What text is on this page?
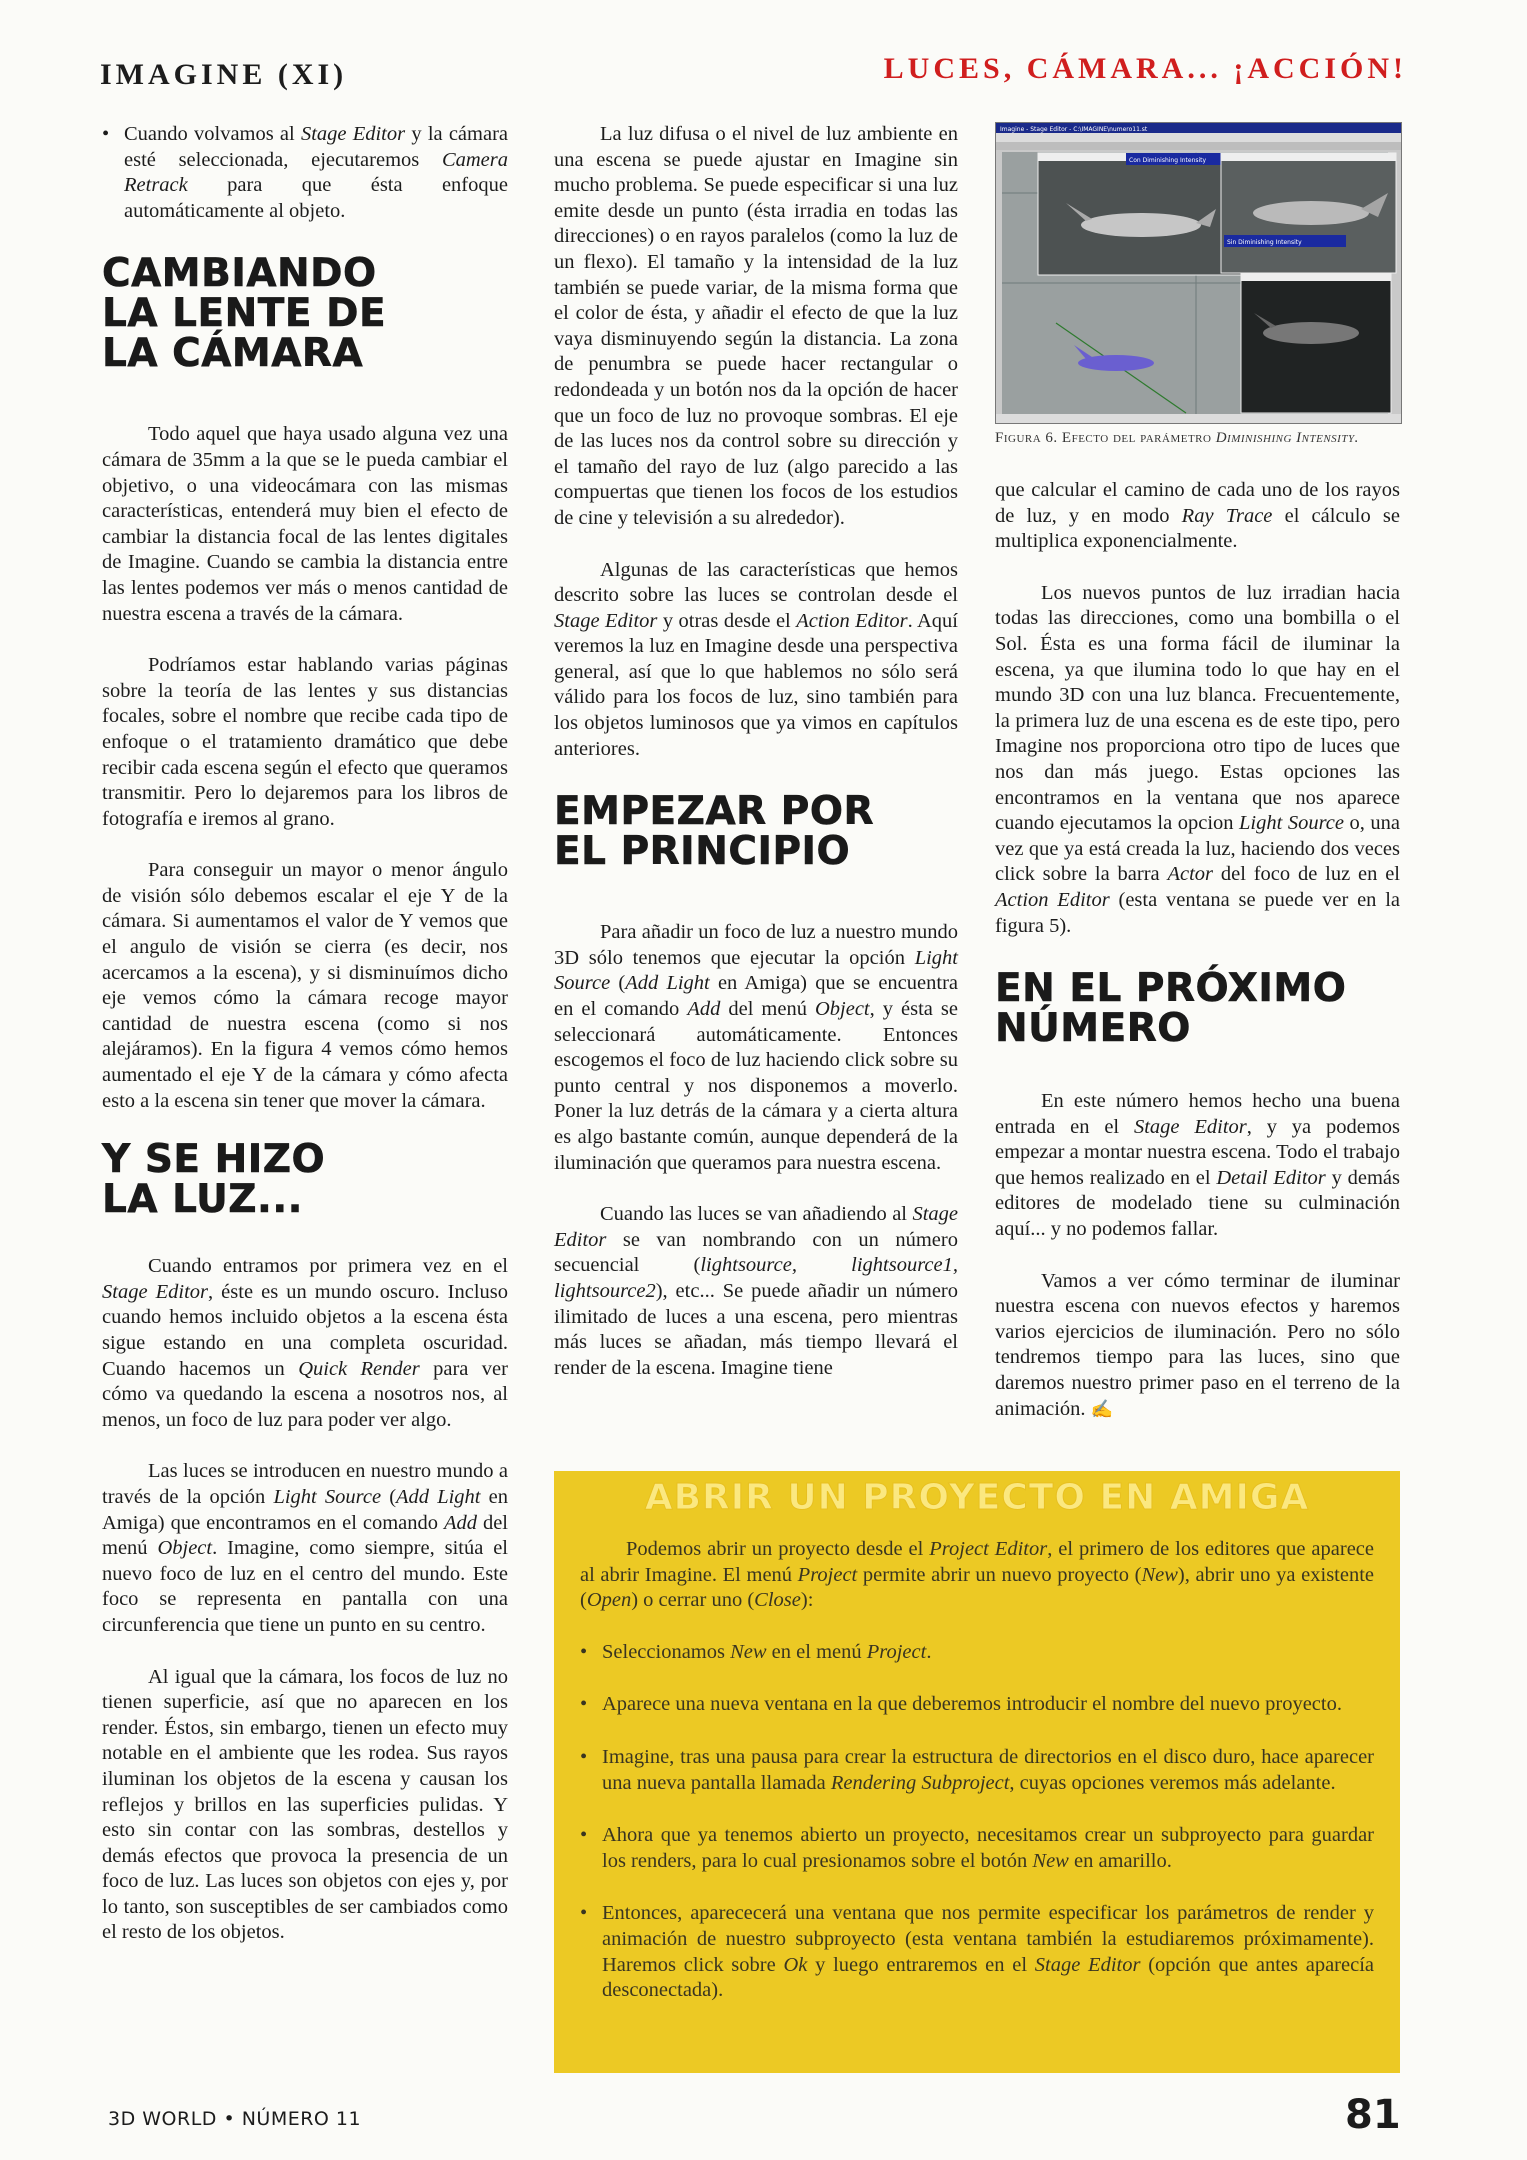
IMAGINE (XI)	LUCES, CÁMARA... ¡ACCIÓN!
• Cuando volvamos al Stage Editor y la cámara esté seleccionada, ejecutaremos Camera Retrack para que ésta enfoque automáticamente al objeto.
CAMBIANDO LA LENTE DE LA CÁMARA

Todo aquel que haya usado alguna vez una cámara de 35mm a la que se le pueda cambiar el objetivo, o una videocámara con las mismas características, entenderá muy bien el efecto de cambiar la distancia focal de las lentes digitales de Imagine. Cuando se cambia la distancia entre las lentes podemos ver más o menos cantidad de nuestra escena a través de la cámara.

Podríamos estar hablando varias páginas sobre la teoría de las lentes y sus distancias focales, sobre el nombre que recibe cada tipo de enfoque o el tratamiento dramático que debe recibir cada escena según el efecto que queramos transmitir. Pero lo dejaremos para los libros de fotografía e iremos al grano.

Para conseguir un mayor o menor ángulo de visión sólo debemos escalar el eje Y de la cámara. Si aumentamos el valor de Y vemos que el angulo de visión se cierra (es decir, nos acercamos a la escena), y si disminuímos dicho eje vemos cómo la cámara recoge mayor cantidad de nuestra escena (como si nos alejáramos). En la figura 4 vemos cómo hemos aumentado el eje Y de la cámara y cómo afecta esto a la escena sin tener que mover la cámara.

Y SE HIZO LA LUZ...

Cuando entramos por primera vez en el Stage Editor, éste es un mundo oscuro. Incluso cuando hemos incluido objetos a la escena ésta sigue estando en una completa oscuridad. Cuando hacemos un Quick Render para ver cómo va quedando la escena a nosotros nos, al menos, un foco de luz para poder ver algo.

Las luces se introducen en nuestro mundo a través de la opción Light Source (Add Light en Amiga) que encontramos en el comando Add del menú Object. Imagine, como siempre, sitúa el nuevo foco de luz en el centro del mundo. Este foco se representa en pantalla con una circunferencia que tiene un punto en su centro.

Al igual que la cámara, los focos de luz no tienen superficie, así que no aparecen en los render. Éstos, sin embargo, tienen un efecto muy notable en el ambiente que les rodea. Sus rayos iluminan los objetos de la escena y causan los reflejos y brillos en las superficies pulidas. Y esto sin contar con las sombras, destellos y demás efectos que provoca la presencia de un foco de luz. Las luces son objetos con ejes y, por lo tanto, son susceptibles de ser cambiados como el resto de los objetos.

La luz difusa o el nivel de luz ambiente en una escena se puede ajustar en Imagine sin mucho problema. Se puede especificar si una luz emite desde un punto (ésta irradia en todas las direcciones) o en rayos paralelos (como la luz de un flexo). El tamaño y la intensidad de la luz también se puede variar, de la misma forma que el color de ésta, y añadir el efecto de que la luz vaya disminuyendo según la distancia. La zona de penumbra se puede hacer rectangular o redondeada y un botón nos da la opción de hacer que un foco de luz no provoque sombras. El eje de las luces nos da control sobre su dirección y el tamaño del rayo de luz (algo parecido a las compuertas que tienen los focos de los estudios de cine y televisión a su alrededor).

Algunas de las características que hemos descrito sobre las luces se controlan desde el Stage Editor y otras desde el Action Editor. Aquí veremos la luz en Imagine desde una perspectiva general, así que lo que hablemos no sólo será válido para los focos de luz, sino también para los objetos luminosos que ya vimos en capítulos anteriores.

EMPEZAR POR EL PRINCIPIO

Para añadir un foco de luz a nuestro mundo 3D sólo tenemos que ejecutar la opción Light Source (Add Light en Amiga) que se encuentra en el comando Add del menú Object, y ésta se seleccionará automáticamente. Entonces escogemos el foco de luz haciendo click sobre su punto central y nos disponemos a moverlo. Poner la luz detrás de la cámara y a cierta altura es algo bastante común, aunque dependerá de la iluminación que queramos para nuestra escena.

Cuando las luces se van añadiendo al Stage Editor se van nombrando con un número secuencial (lightsource, lightsource1, lightsource2), etc... Se puede añadir un número ilimitado de luces a una escena, pero mientras más luces se añadan, más tiempo llevará el render de la escena. Imagine tiene

Imagine - Stage Editor - C:\IMAGINE\numero11.st
Con Diminishing Intensity
Sin Diminishing Intensity
Figura 6. Efecto del parámetro Diminishing Intensity.

que calcular el camino de cada uno de los rayos de luz, y en modo Ray Trace el cálculo se multiplica exponencialmente.

Los nuevos puntos de luz irradian hacia todas las direcciones, como una bombilla o el Sol. Ésta es una forma fácil de iluminar la escena, ya que ilumina todo lo que hay en el mundo 3D con una luz blanca. Frecuentemente, la primera luz de una escena es de este tipo, pero Imagine nos proporciona otro tipo de luces que nos dan más juego. Estas opciones las encontramos en la ventana que nos aparece cuando ejecutamos la opcion Light Source o, una vez que ya está creada la luz, haciendo dos veces click sobre la barra Actor del foco de luz en el Action Editor (esta ventana se puede ver en la figura 5).

EN EL PRÓXIMO NÚMERO

En este número hemos hecho una buena entrada en el Stage Editor, y ya podemos empezar a montar nuestra escena. Todo el trabajo que hemos realizado en el Detail Editor y demás editores de modelado tiene su culminación aquí... y no podemos fallar.

Vamos a ver cómo terminar de iluminar nuestra escena con nuevos efectos y haremos varios ejercicios de iluminación. Pero no sólo tendremos tiempo para las luces, sino que daremos nuestro primer paso en el terreno de la animación. ✍

ABRIR UN PROYECTO EN AMIGA

Podemos abrir un proyecto desde el Project Editor, el primero de los editores que aparece al abrir Imagine. El menú Project permite abrir un nuevo proyecto (New), abrir uno ya existente (Open) o cerrar uno (Close):

• Seleccionamos New en el menú Project.
• Aparece una nueva ventana en la que deberemos introducir el nombre del nuevo proyecto.
• Imagine, tras una pausa para crear la estructura de directorios en el disco duro, hace aparecer una nueva pantalla llamada Rendering Subproject, cuyas opciones veremos más adelante.
• Ahora que ya tenemos abierto un proyecto, necesitamos crear un subproyecto para guardar los renders, para lo cual presionamos sobre el botón New en amarillo.
• Entonces, aparececerá una ventana que nos permite especificar los parámetros de render y animación de nuestro subproyecto (esta ventana también la estudiaremos próximamente). Haremos click sobre Ok y luego entraremos en el Stage Editor (opción que antes aparecía desconectada).
3D WORLD • NÚMERO 11	81
